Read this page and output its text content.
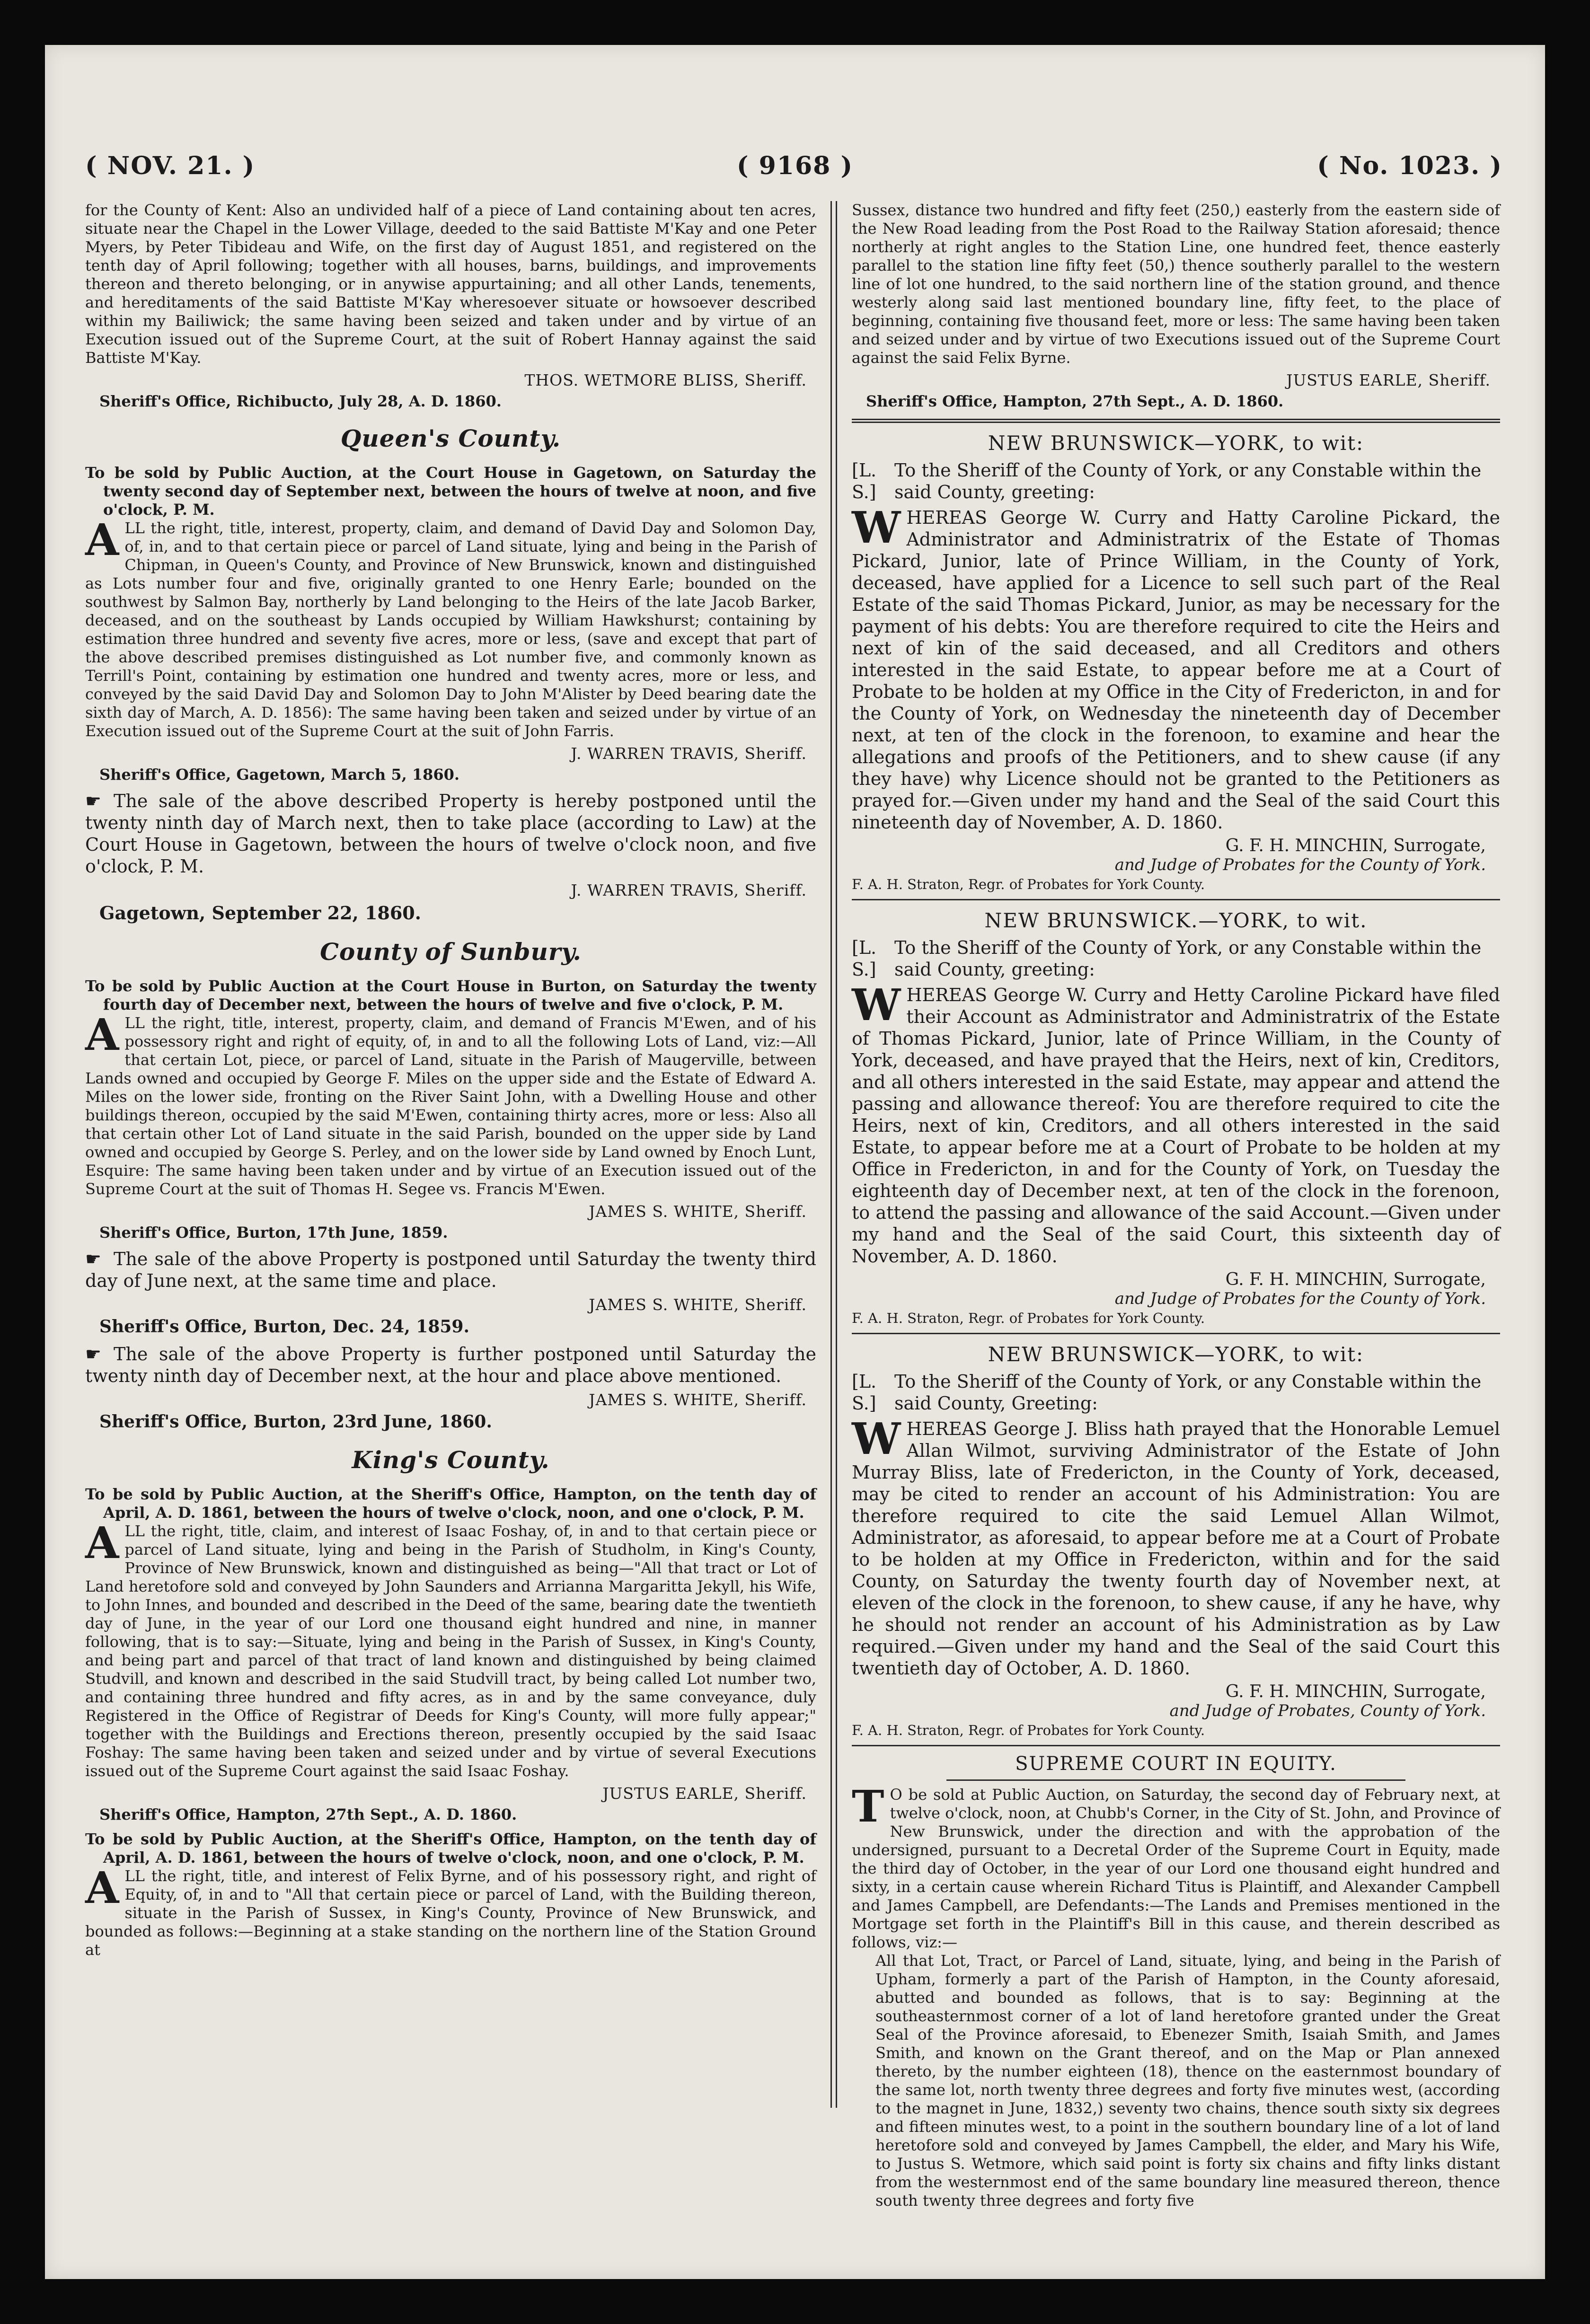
( NOV. 21. )	( 9168 )	( No. 1023. )

for the County of Kent: Also an undivided half of a piece of Land containing about ten acres, situate near the Chapel in the Lower Village, deeded to the said Battiste M'Kay and one Peter Myers, by Peter Tibideau and Wife, on the first day of August 1851, and registered on the tenth day of April following; together with all houses, barns, buildings, and improvements thereon and thereto belonging, or in anywise appurtaining; and all other Lands, tenements, and hereditaments of the said Battiste M'Kay wheresoever situate or howsoever described within my Bailiwick; the same having been seized and taken under and by virtue of an Execution issued out of the Supreme Court, at the suit of Robert Hannay against the said Battiste M'Kay.

THOS. WETMORE BLISS, Sheriff.
Sheriff's Office, Richibucto, July 28, A. D. 1860.
Queen's County.

To be sold by Public Auction, at the Court House in Gagetown, on Saturday the twenty second day of September next, between the hours of twelve at noon, and five o'clock, P. M.

ALL the right, title, interest, property, claim, and demand of David Day and Solomon Day, of, in, and to that certain piece or parcel of Land situate, lying and being in the Parish of Chipman, in Queen's County, and Province of New Brunswick, known and distinguished as Lots number four and five, originally granted to one Henry Earle; bounded on the southwest by Salmon Bay, northerly by Land belonging to the Heirs of the late Jacob Barker, deceased, and on the southeast by Lands occupied by William Hawkshurst; containing by estimation three hundred and seventy five acres, more or less, (save and except that part of the above described premises distinguished as Lot number five, and commonly known as Terrill's Point, containing by estimation one hundred and twenty acres, more or less, and conveyed by the said David Day and Solomon Day to John M'Alister by Deed bearing date the sixth day of March, A. D. 1856): The same having been taken and seized under by virtue of an Execution issued out of the Supreme Court at the suit of John Farris.

J. WARREN TRAVIS, Sheriff.
Sheriff's Office, Gagetown, March 5, 1860.

☛ The sale of the above described Property is hereby postponed until the twenty ninth day of March next, then to take place (according to Law) at the Court House in Gagetown, between the hours of twelve o'clock noon, and five o'clock, P. M.

J. WARREN TRAVIS, Sheriff.
Gagetown, September 22, 1860.
County of Sunbury.

To be sold by Public Auction at the Court House in Burton, on Saturday the twenty fourth day of December next, between the hours of twelve and five o'clock, P. M.

ALL the right, title, interest, property, claim, and demand of Francis M'Ewen, and of his possessory right and right of equity, of, in and to all the following Lots of Land, viz:—All that certain Lot, piece, or parcel of Land, situate in the Parish of Maugerville, between Lands owned and occupied by George F. Miles on the upper side and the Estate of Edward A. Miles on the lower side, fronting on the River Saint John, with a Dwelling House and other buildings thereon, occupied by the said M'Ewen, containing thirty acres, more or less: Also all that certain other Lot of Land situate in the said Parish, bounded on the upper side by Land owned and occupied by George S. Perley, and on the lower side by Land owned by Enoch Lunt, Esquire: The same having been taken under and by virtue of an Execution issued out of the Supreme Court at the suit of Thomas H. Segee vs. Francis M'Ewen.

JAMES S. WHITE, Sheriff.
Sheriff's Office, Burton, 17th June, 1859.

☛ The sale of the above Property is postponed until Saturday the twenty third day of June next, at the same time and place.

JAMES S. WHITE, Sheriff.
Sheriff's Office, Burton, Dec. 24, 1859.

☛ The sale of the above Property is further postponed until Saturday the twenty ninth day of December next, at the hour and place above mentioned.

JAMES S. WHITE, Sheriff.
Sheriff's Office, Burton, 23rd June, 1860.
King's County.

To be sold by Public Auction, at the Sheriff's Office, Hampton, on the tenth day of April, A. D. 1861, between the hours of twelve o'clock, noon, and one o'clock, P. M.

ALL the right, title, claim, and interest of Isaac Foshay, of, in and to that certain piece or parcel of Land situate, lying and being in the Parish of Studholm, in King's County, Province of New Brunswick, known and distinguished as being—"All that tract or Lot of Land heretofore sold and conveyed by John Saunders and Arrianna Margaritta Jekyll, his Wife, to John Innes, and bounded and described in the Deed of the same, bearing date the twentieth day of June, in the year of our Lord one thousand eight hundred and nine, in manner following, that is to say:—Situate, lying and being in the Parish of Sussex, in King's County, and being part and parcel of that tract of land known and distinguished by being claimed Studvill, and known and described in the said Studvill tract, by being called Lot number two, and containing three hundred and fifty acres, as in and by the same conveyance, duly Registered in the Office of Registrar of Deeds for King's County, will more fully appear;" together with the Buildings and Erections thereon, presently occupied by the said Isaac Foshay: The same having been taken and seized under and by virtue of several Executions issued out of the Supreme Court against the said Isaac Foshay.

JUSTUS EARLE, Sheriff.
Sheriff's Office, Hampton, 27th Sept., A. D. 1860.

To be sold by Public Auction, at the Sheriff's Office, Hampton, on the tenth day of April, A. D. 1861, between the hours of twelve o'clock, noon, and one o'clock, P. M.

ALL the right, title, and interest of Felix Byrne, and of his possessory right, and right of Equity, of, in and to "All that certain piece or parcel of Land, with the Building thereon, situate in the Parish of Sussex, in King's County, Province of New Brunswick, and bounded as follows:—Beginning at a stake standing on the northern line of the Station Ground at

Sussex, distance two hundred and fifty feet (250,) easterly from the eastern side of the New Road leading from the Post Road to the Railway Station aforesaid; thence northerly at right angles to the Station Line, one hundred feet, thence easterly parallel to the station line fifty feet (50,) thence southerly parallel to the western line of lot one hundred, to the said northern line of the station ground, and thence westerly along said last mentioned boundary line, fifty feet, to the place of beginning, containing five thousand feet, more or less: The same having been taken and seized under and by virtue of two Executions issued out of the Supreme Court against the said Felix Byrne.

JUSTUS EARLE, Sheriff.
Sheriff's Office, Hampton, 27th Sept., A. D. 1860.
NEW BRUNSWICK—YORK, to wit:
[L. S.]
To the Sheriff of the County of York, or any Constable within the said County, greeting:

WHEREAS George W. Curry and Hatty Caroline Pickard, the Administrator and Administratrix of the Estate of Thomas Pickard, Junior, late of Prince William, in the County of York, deceased, have applied for a Licence to sell such part of the Real Estate of the said Thomas Pickard, Junior, as may be necessary for the payment of his debts: You are therefore required to cite the Heirs and next of kin of the said deceased, and all Creditors and others interested in the said Estate, to appear before me at a Court of Probate to be holden at my Office in the City of Fredericton, in and for the County of York, on Wednesday the nineteenth day of December next, at ten of the clock in the forenoon, to examine and hear the allegations and proofs of the Petitioners, and to shew cause (if any they have) why Licence should not be granted to the Petitioners as prayed for.—Given under my hand and the Seal of the said Court this nineteenth day of November, A. D. 1860.

G. F. H. MINCHIN, Surrogate,
and Judge of Probates for the County of York.
F. A. H. Straton, Regr. of Probates for York County.
NEW BRUNSWICK.—YORK, to wit.
[L. S.]
To the Sheriff of the County of York, or any Constable within the said County, greeting:

WHEREAS George W. Curry and Hetty Caroline Pickard have filed their Account as Administrator and Administratrix of the Estate of Thomas Pickard, Junior, late of Prince William, in the County of York, deceased, and have prayed that the Heirs, next of kin, Creditors, and all others interested in the said Estate, may appear and attend the passing and allowance thereof: You are therefore required to cite the Heirs, next of kin, Creditors, and all others interested in the said Estate, to appear before me at a Court of Probate to be holden at my Office in Fredericton, in and for the County of York, on Tuesday the eighteenth day of December next, at ten of the clock in the forenoon, to attend the passing and allowance of the said Account.—Given under my hand and the Seal of the said Court, this sixteenth day of November, A. D. 1860.

G. F. H. MINCHIN, Surrogate,
and Judge of Probates for the County of York.
F. A. H. Straton, Regr. of Probates for York County.
NEW BRUNSWICK—YORK, to wit:
[L. S.]
To the Sheriff of the County of York, or any Constable within the said County, Greeting:

WHEREAS George J. Bliss hath prayed that the Honorable Lemuel Allan Wilmot, surviving Administrator of the Estate of John Murray Bliss, late of Fredericton, in the County of York, deceased, may be cited to render an account of his Administration: You are therefore required to cite the said Lemuel Allan Wilmot, Administrator, as aforesaid, to appear before me at a Court of Probate to be holden at my Office in Fredericton, within and for the said County, on Saturday the twenty fourth day of November next, at eleven of the clock in the forenoon, to shew cause, if any he have, why he should not render an account of his Administration as by Law required.—Given under my hand and the Seal of the said Court this twentieth day of October, A. D. 1860.

G. F. H. MINCHIN, Surrogate,
and Judge of Probates, County of York.
F. A. H. Straton, Regr. of Probates for York County.
SUPREME COURT IN EQUITY.

T O be sold at Public Auction, on Saturday, the second day of February next, at twelve o'clock, noon, at Chubb's Corner, in the City of St. John, and Province of New Brunswick, under the direction and with the approbation of the undersigned, pursuant to a Decretal Order of the Supreme Court in Equity, made the third day of October, in the year of our Lord one thousand eight hundred and sixty, in a certain cause wherein Richard Titus is Plaintiff, and Alexander Campbell and James Campbell, are Defendants:—The Lands and Premises mentioned in the Mortgage set forth in the Plaintiff's Bill in this cause, and therein described as follows, viz:—

All that Lot, Tract, or Parcel of Land, situate, lying, and being in the Parish of Upham, formerly a part of the Parish of Hampton, in the County aforesaid, abutted and bounded as follows, that is to say: Beginning at the southeasternmost corner of a lot of land heretofore granted under the Great Seal of the Province aforesaid, to Ebenezer Smith, Isaiah Smith, and James Smith, and known on the Grant thereof, and on the Map or Plan annexed thereto, by the number eighteen (18), thence on the easternmost boundary of the same lot, north twenty three degrees and forty five minutes west, (according to the magnet in June, 1832,) seventy two chains, thence south sixty six degrees and fifteen minutes west, to a point in the southern boundary line of a lot of land heretofore sold and conveyed by James Campbell, the elder, and Mary his Wife, to Justus S. Wetmore, which said point is forty six chains and fifty links distant from the westernmost end of the same boundary line measured thereon, thence south twenty three degrees and forty five
